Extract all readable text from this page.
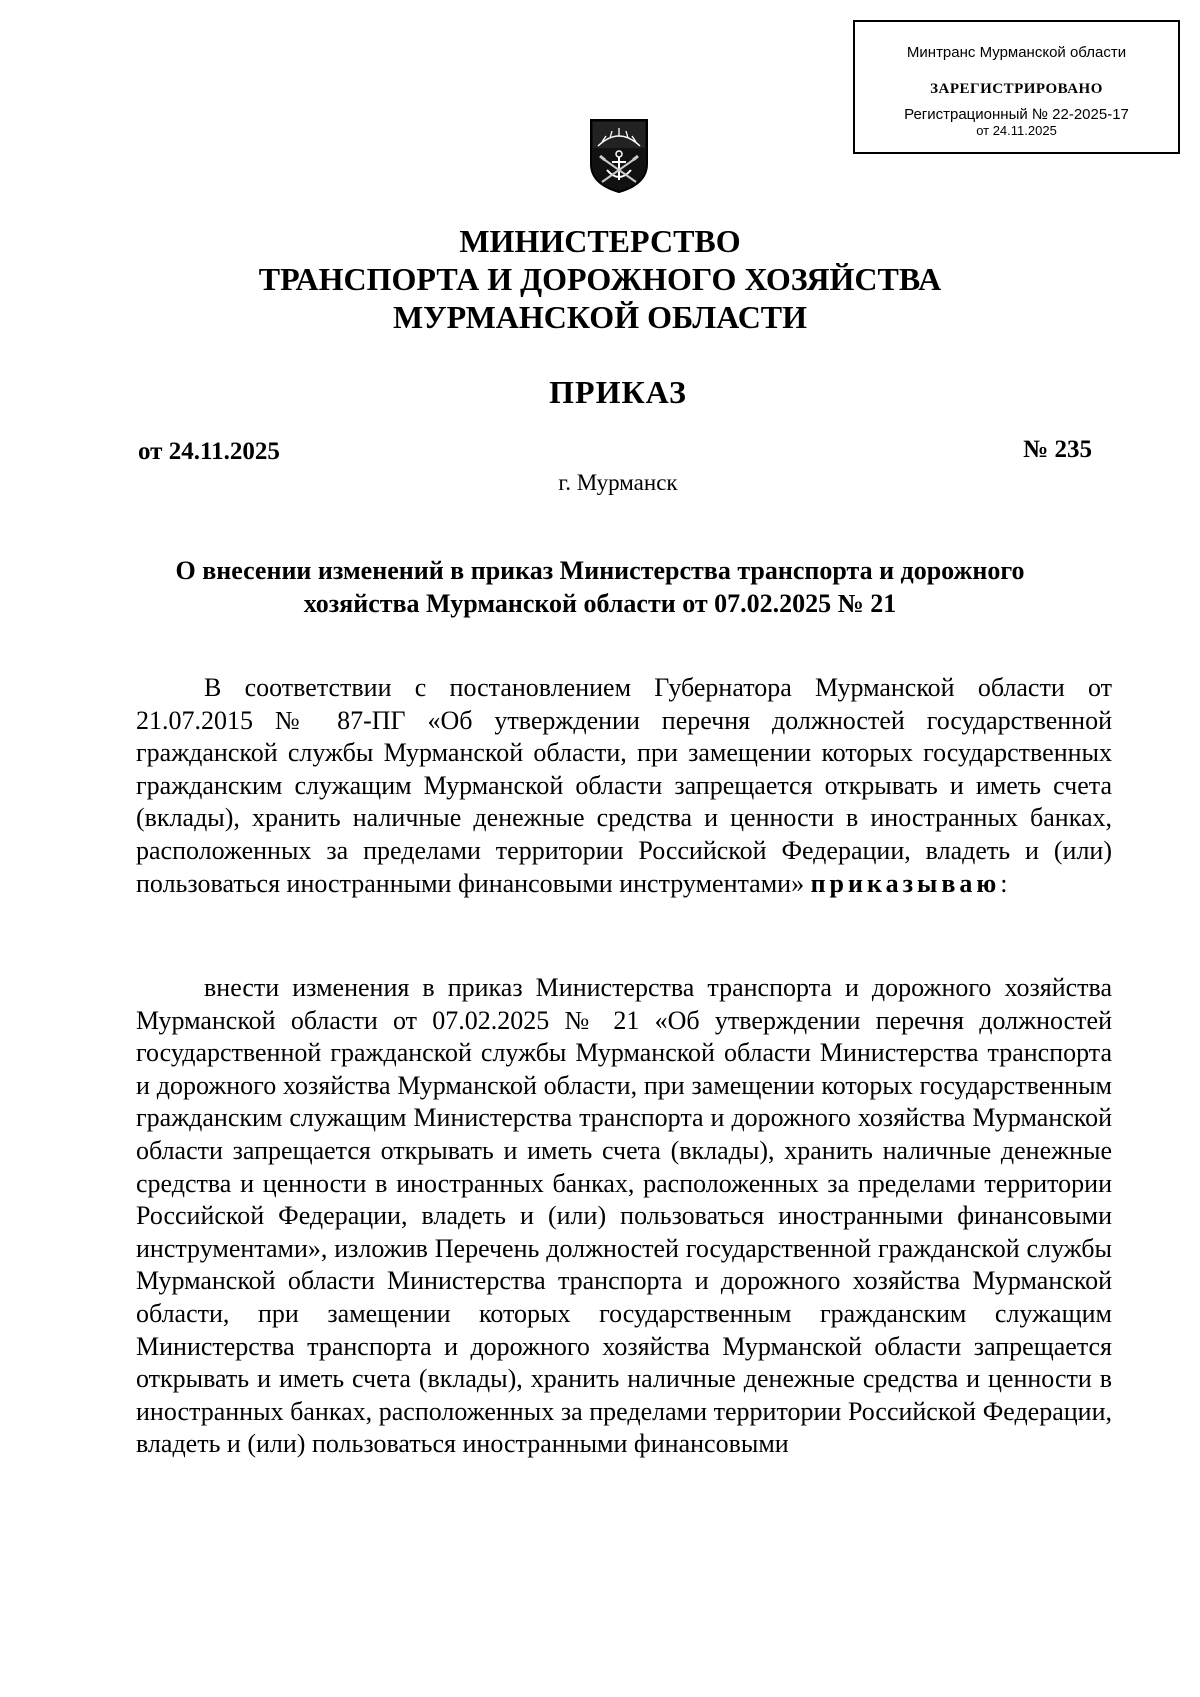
Минтранс Мурманской области
ЗАРЕГИСТРИРОВАНО
Регистрационный № 22-2025-17
от 24.11.2025
МИНИСТЕРСТВО
ТРАНСПОРТА И ДОРОЖНОГО ХОЗЯЙСТВА
МУРМАНСКОЙ ОБЛАСТИ
ПРИКАЗ
от 24.11.2025	№ 235
г. Мурманск
О внесении изменений в приказ Министерства транспорта и дорожного хозяйства Мурманской области от 07.02.2025 № 21
В соответствии с постановлением Губернатора Мурманской области от 21.07.2015 № 87-ПГ «Об утверждении перечня должностей государственной гражданской службы Мурманской области, при замещении которых государственных гражданским служащим Мурманской области запрещается открывать и иметь счета (вклады), хранить наличные денежные средства и ценности в иностранных банках, расположенных за пределами территории Российской Федерации, владеть и (или) пользоваться иностранными финансовыми инструментами» приказываю:
внести изменения в приказ Министерства транспорта и дорожного хозяйства Мурманской области от 07.02.2025 № 21 «Об утверждении перечня должностей государственной гражданской службы Мурманской области Министерства транспорта и дорожного хозяйства Мурманской области, при замещении которых государственным гражданским служащим Министерства транспорта и дорожного хозяйства Мурманской области запрещается открывать и иметь счета (вклады), хранить наличные денежные средства и ценности в иностранных банках, расположенных за пределами территории Российской Федерации, владеть и (или) пользоваться иностранными финансовыми инструментами», изложив Перечень должностей государственной гражданской службы Мурманской области Министерства транспорта и дорожного хозяйства Мурманской области, при замещении которых государственным гражданским служащим Министерства транспорта и дорожного хозяйства Мурманской области запрещается открывать и иметь счета (вклады), хранить наличные денежные средства и ценности в иностранных банках, расположенных за пределами территории Российской Федерации, владеть и (или) пользоваться иностранными финансовыми
